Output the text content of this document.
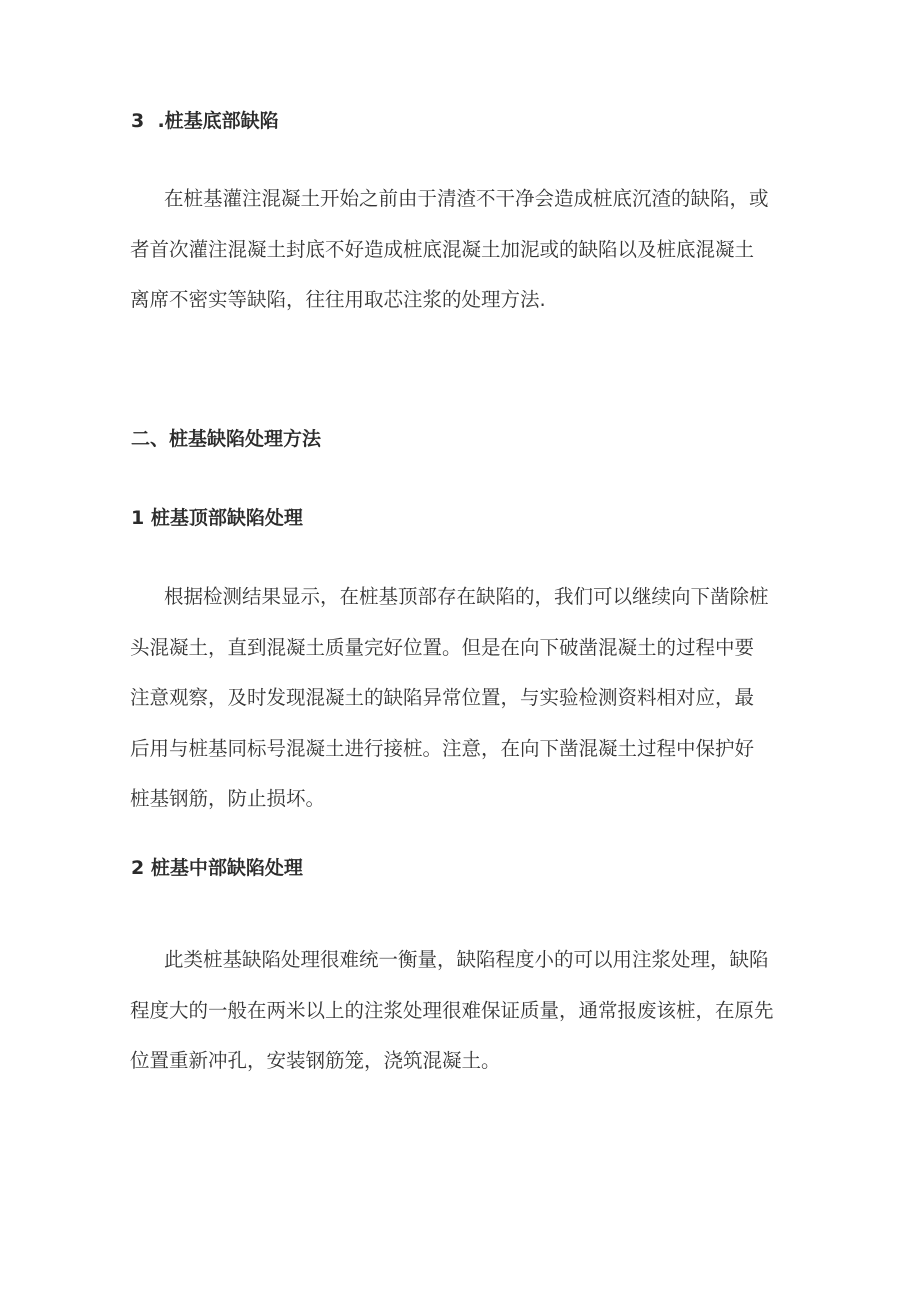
3  .桩基底部缺陷
在桩基灌注混凝土开始之前由于清渣不干净会造成桩底沉渣的缺陷，或
者首次灌注混凝土封底不好造成桩底混凝土加泥或的缺陷以及桩底混凝土
离席不密实等缺陷，往往用取芯注浆的处理方法.
二、桩基缺陷处理方法
1 桩基顶部缺陷处理
根据检测结果显示，在桩基顶部存在缺陷的，我们可以继续向下凿除桩
头混凝土，直到混凝土质量完好位置。但是在向下破凿混凝土的过程中要
注意观察，及时发现混凝土的缺陷异常位置，与实验检测资料相对应，最
后用与桩基同标号混凝土进行接桩。注意，在向下凿混凝土过程中保护好
桩基钢筋，防止损坏。
2 桩基中部缺陷处理
此类桩基缺陷处理很难统一衡量，缺陷程度小的可以用注浆处理，缺陷
程度大的一般在两米以上的注浆处理很难保证质量，通常报废该桩，在原先
位置重新冲孔，安装钢筋笼，浇筑混凝土。
